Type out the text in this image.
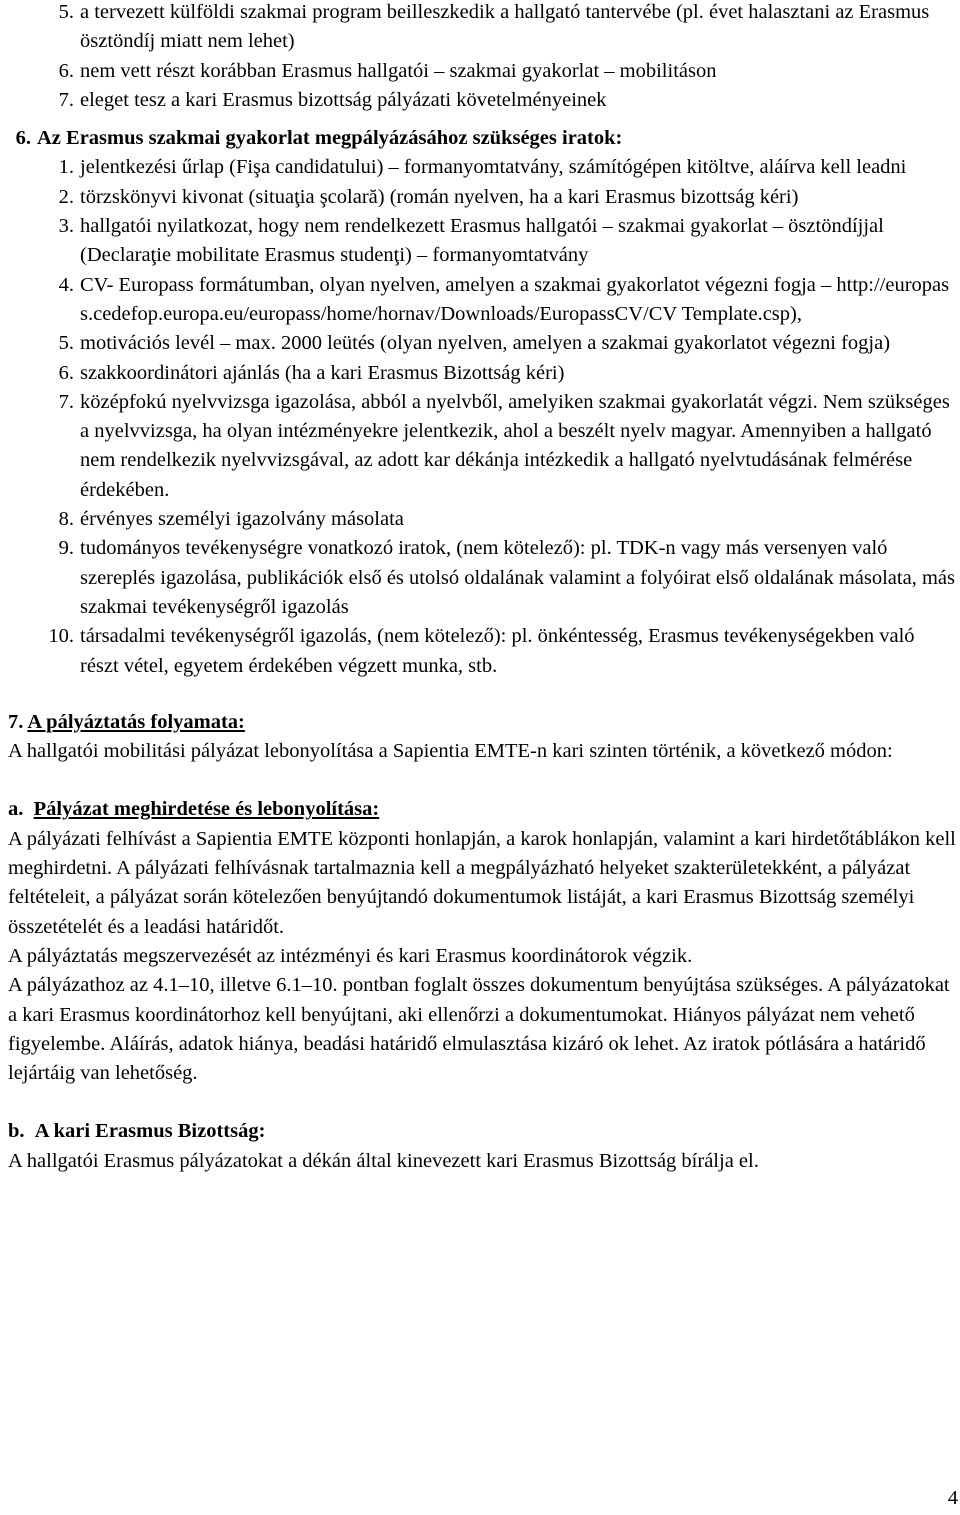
5. a tervezett külföldi szakmai program beilleszkedik a hallgató tantervébe (pl. évet halasztani az Erasmus ösztöndíj miatt nem lehet)
6. nem vett részt korábban Erasmus hallgatói – szakmai gyakorlat – mobilitáson
7. eleget tesz a kari Erasmus bizottság pályázati követelményeinek
6. Az Erasmus szakmai gyakorlat megpályázásához szükséges iratok:
1. jelentkezési űrlap (Fişa candidatului) – formanyomtatvány, számítógépen kitöltve, aláírva kell leadni
2. törzskönyvi kivonat (situaţia şcolară) (román nyelven, ha a kari Erasmus bizottság kéri)
3. hallgatói nyilatkozat, hogy nem rendelkezett Erasmus hallgatói – szakmai gyakorlat – ösztöndíjjal (Declaraţie mobilitate Erasmus studenţi) – formanyomtatvány
4. CV- Europass formátumban, olyan nyelven, amelyen a szakmai gyakorlatot végezni fogja – http://europass.cedefop.europa.eu/europass/home/hornav/Downloads/EuropassCV/CV Template.csp),
5. motivációs levél – max. 2000 leütés (olyan nyelven, amelyen a szakmai gyakorlatot végezni fogja)
6. szakkoordinátori ajánlás (ha a kari Erasmus Bizottság kéri)
7. középfokú nyelvvizsga igazolása, abból a nyelvből, amelyiken szakmai gyakorlatát végzi. Nem szükséges a nyelvvizsga, ha olyan intézményekre jelentkezik, ahol a beszélt nyelv magyar. Amennyiben a hallgató nem rendelkezik nyelvvizsgával, az adott kar dékánja intézkedik a hallgató nyelvtudásának felmérése érdekében.
8. érvényes személyi igazolvány másolata
9. tudományos tevékenységre vonatkozó iratok, (nem kötelező): pl. TDK-n vagy más versenyen való szereplés igazolása, publikációk első és utolsó oldalának valamint a folyóirat első oldalának másolata, más szakmai tevékenységről igazolás
10. társadalmi tevékenységről igazolás, (nem kötelező): pl. önkéntesség, Erasmus tevékenységekben való részt vétel, egyetem érdekében végzett munka, stb.

7. A pályáztatás folyamata:

A hallgatói mobilitási pályázat lebonyolítása a Sapientia EMTE-n kari szinten történik, a következő módon:

a. Pályázat meghirdetése és lebonyolítása:

A pályázati felhívást a Sapientia EMTE központi honlapján, a karok honlapján, valamint a kari hirdetőtáblákon kell meghirdetni. A pályázati felhívásnak tartalmaznia kell a megpályázható helyeket szakterületekként, a pályázat feltételeit, a pályázat során kötelezően benyújtandó dokumentumok listáját, a kari Erasmus Bizottság személyi összetételét és a leadási határidőt.

A pályáztatás megszervezését az intézményi és kari Erasmus koordinátorok végzik.

A pályázathoz az 4.1–10, illetve 6.1–10. pontban foglalt összes dokumentum benyújtása szükséges. A pályázatokat a kari Erasmus koordinátorhoz kell benyújtani, aki ellenőrzi a dokumentumokat. Hiányos pályázat nem vehető figyelembe. Aláírás, adatok hiánya, beadási határidő elmulasztása kizáró ok lehet. Az iratok pótlására a határidő lejártáig van lehetőség.

b. A kari Erasmus Bizottság:

A hallgatói Erasmus pályázatokat a dékán által kinevezett kari Erasmus Bizottság bírálja el.

4
